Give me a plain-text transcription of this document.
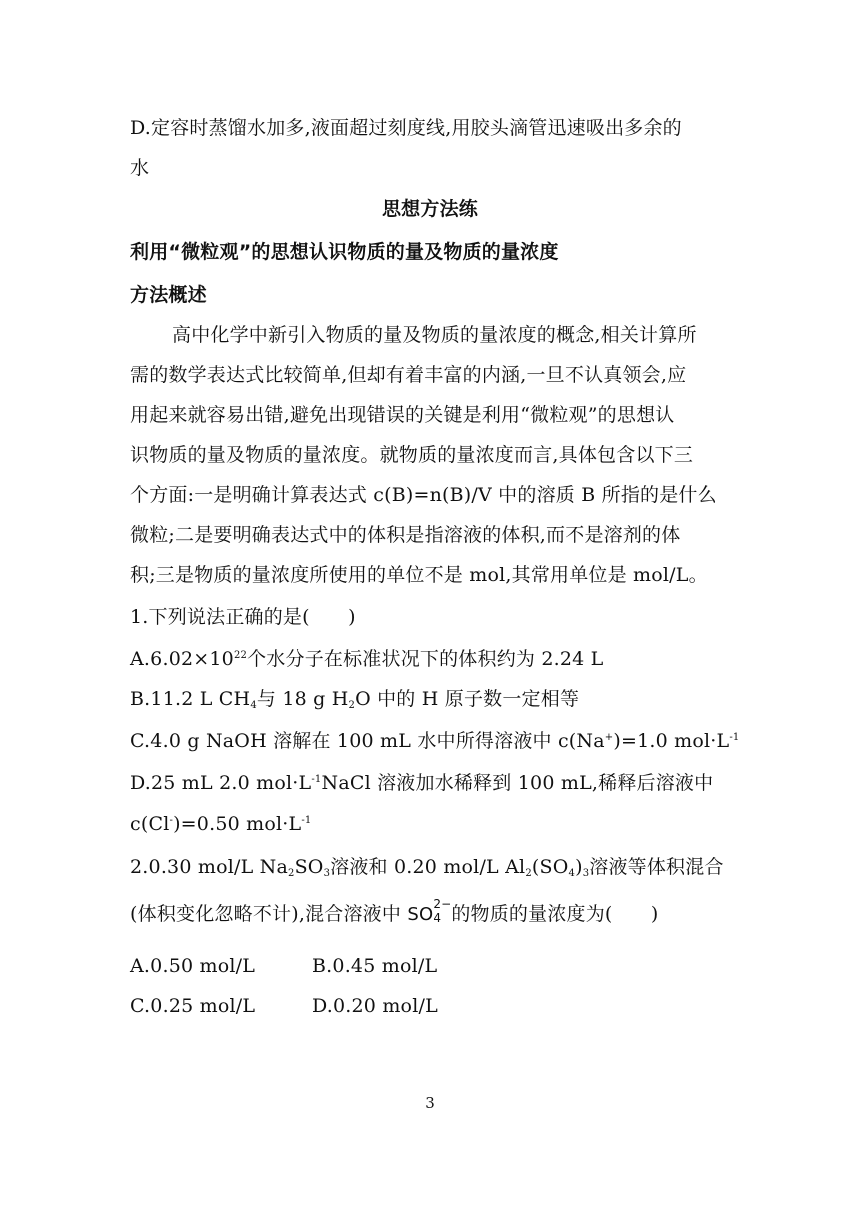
D.定容时蒸馏水加多,液面超过刻度线,用胶头滴管迅速吸出多余的
水
思想方法练
利用“微粒观”的思想认识物质的量及物质的量浓度
方法概述
高中化学中新引入物质的量及物质的量浓度的概念,相关计算所
需的数学表达式比较简单,但却有着丰富的内涵,一旦不认真领会,应
用起来就容易出错,避免出现错误的关键是利用“微粒观”的思想认
识物质的量及物质的量浓度。就物质的量浓度而言,具体包含以下三
个方面:一是明确计算表达式 c(B)=n(B)/V 中的溶质 B 所指的是什么
微粒;二是要明确表达式中的体积是指溶液的体积,而不是溶剂的体
积;三是物质的量浓度所使用的单位不是 mol,其常用单位是 mol/L。
1.下列说法正确的是(　　)
$A.6.02\times 10^{22}$个水分子在标准状况下的体积约为 2.24 L
B.11.2 L $CH_4$与 18 g $H_2O$ 中的 H 原子数一定相等
C.4.0 g NaOH 溶解在 100 mL 水中所得溶液中 c(Na+)=1.0 $mol\cdot L^{-1}$
D.25 mL 2.0 $mol\cdot L^{-1}NaCl$ 溶液加水稀释到 100 mL,稀释后溶液中
c(Cl-)=0.50 $mol\cdot L^{-1}$
2.0.30 mol/L $Na_2SO_3$溶液和 0.20 mol/L $Al_2(SO_4)_3$溶液等体积混合
(体积变化忽略不计),混合溶液中 SO 2−
4 的物质的量浓度为(　　)
A.0.50 mol/L	B.0.45 mol/L
C.0.25 mol/L	D.0.20 mol/L
3
